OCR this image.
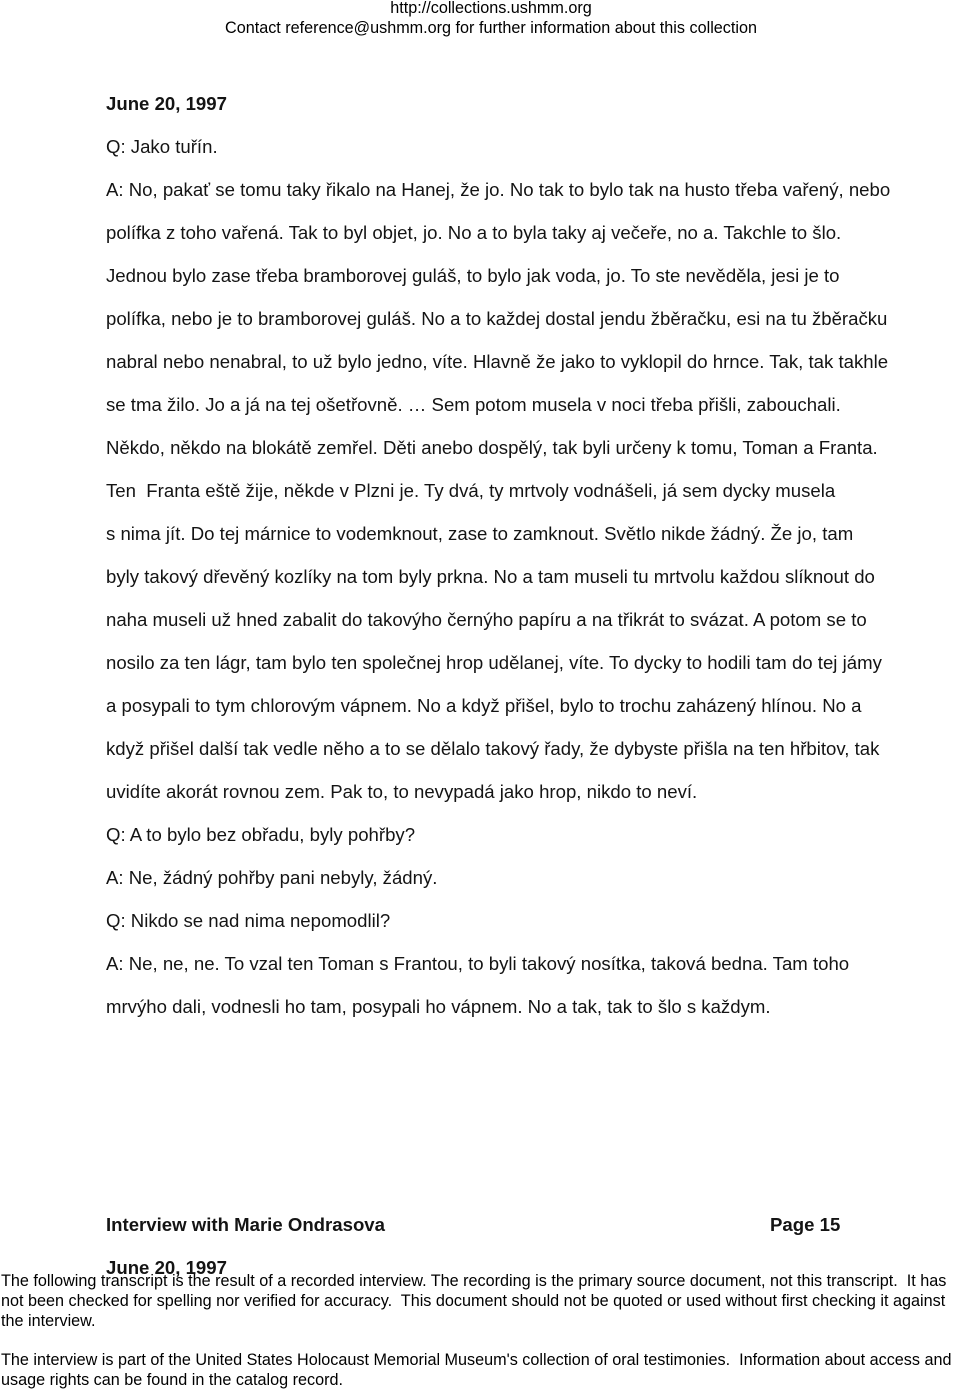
http://collections.ushmm.org
Contact reference@ushmm.org for further information about this collection
June 20, 1997
Q: Jako tuřín.
A: No, pakať se tomu taky řikalo na Hanej, že jo. No tak to bylo tak na husto třeba vařený, nebo
polífka z toho vařená. Tak to byl objet, jo. No a to byla taky aj večeře, no a. Takchle to šlo.
Jednou bylo zase třeba bramborovej guláš, to bylo jak voda, jo. To ste nevěděla, jesi je to
polífka, nebo je to bramborovej guláš. No a to každej dostal jendu žběračku, esi na tu žběračku
nabral nebo nenabral, to už bylo jedno, víte. Hlavně že jako to vyklopil do hrnce. Tak, tak takhle
se tma žilo. Jo a já na tej ošetřovně. … Sem potom musela v noci třeba přišli, zabouchali.
Někdo, někdo na blokátě zemřel. Děti anebo dospělý, tak byli určeny k tomu, Toman a Franta.
Ten  Franta eště žije, někde v Plzni je. Ty dvá, ty mrtvoly vodnášeli, já sem dycky musela
s nima jít. Do tej márnice to vodemknout, zase to zamknout. Světlo nikde žádný. Že jo, tam
byly takový dřevěný kozlíky na tom byly prkna. No a tam museli tu mrtvolu každou slíknout do
naha museli už hned zabalit do takovýho černýho papíru a na třikrát to svázat. A potom se to
nosilo za ten lágr, tam bylo ten společnej hrop udělanej, víte. To dycky to hodili tam do tej jámy
a posypali to tym chlorovým vápnem. No a když přišel, bylo to trochu zaházený hlínou. No a
když přišel další tak vedle něho a to se dělalo takový řady, že dybyste přišla na ten hřbitov, tak
uvidíte akorát rovnou zem. Pak to, to nevypadá jako hrop, nikdo to neví.
Q: A to bylo bez obřadu, byly pohřby?
A: Ne, žádný pohřby pani nebyly, žádný.
Q: Nikdo se nad nima nepomodlil?
A: Ne, ne, ne. To vzal ten Toman s Frantou, to byli takový nosítka, taková bedna. Tam toho
mrvýho dali, vodnesli ho tam, posypali ho vápnem. No a tak, tak to šlo s každym.
Interview with Marie Ondrasova	Page 15
June 20, 1997
The following transcript is the result of a recorded interview. The recording is the primary source document, not this transcript.  It has
not been checked for spelling nor verified for accuracy.  This document should not be quoted or used without first checking it against
the interview.
The interview is part of the United States Holocaust Memorial Museum's collection of oral testimonies.  Information about access and
usage rights can be found in the catalog record.
